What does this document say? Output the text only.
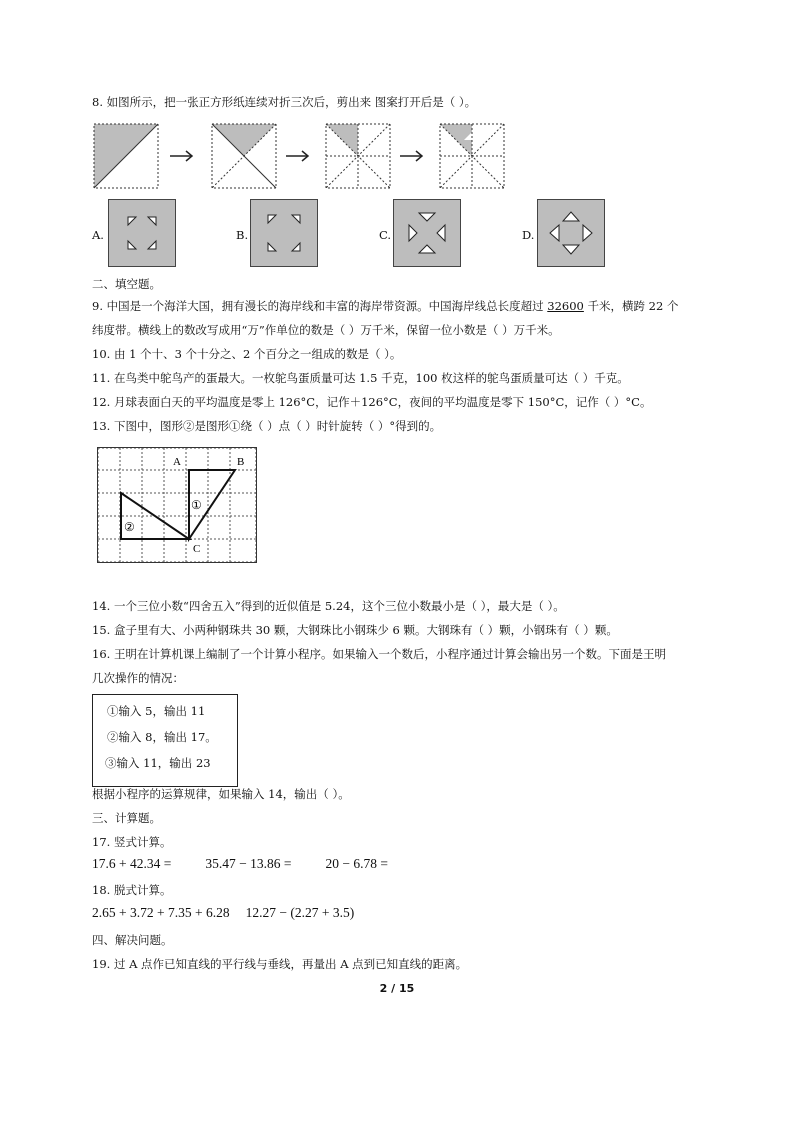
8. 如图所示，把一张正方形纸连续对折三次后，剪出来 图案打开后是（ ）。
A.	B.	C.	D.
二、填空题。
9. 中国是一个海洋大国，拥有漫长的海岸线和丰富的海岸带资源。中国海岸线总长度超过 32600 千米，横跨 22 个
纬度带。横线上的数改写成用“万”作单位的数是（ ）万千米，保留一位小数是（ ）万千米。
10. 由 1 个十、3 个十分之、2 个百分之一组成的数是（ ）。
11. 在鸟类中鸵鸟产的蛋最大。一枚鸵鸟蛋质量可达 1.5 千克，100 枚这样的鸵鸟蛋质量可达（ ）千克。
12. 月球表面白天的平均温度是零上 126°C，记作＋126°C，夜间的平均温度是零下 150°C，记作（ ）°C。
13. 下图中，图形②是图形①绕（ ）点（ ）时针旋转（ ）°得到的。
A	B
C
①
②
14. 一个三位小数“四舍五入”得到的近似值是 5.24，这个三位小数最小是（ ），最大是（ ）。
15. 盒子里有大、小两种钢珠共 30 颗，大钢珠比小钢珠少 6 颗。大钢珠有（ ）颗，小钢珠有（ ）颗。
16. 王明在计算机课上编制了一个计算小程序。如果输入一个数后，小程序通过计算会输出另一个数。下面是王明
几次操作的情况：
①输入 5，输出 11
②输入 8，输出 17。
③输入 11，输出 23
根据小程序的运算规律，如果输入 14，输出（ ）。
三、计算题。
17. 竖式计算。
17.6 + 42.34 =	35.47 − 13.86 =	20 − 6.78 =
18. 脱式计算。
2.65 + 3.72 + 7.35 + 6.28 12.27 − (2.27 + 3.5)
四、解决问题。
19. 过 A 点作已知直线的平行线与垂线，再量出 A 点到已知直线的距离。
2 / 15
